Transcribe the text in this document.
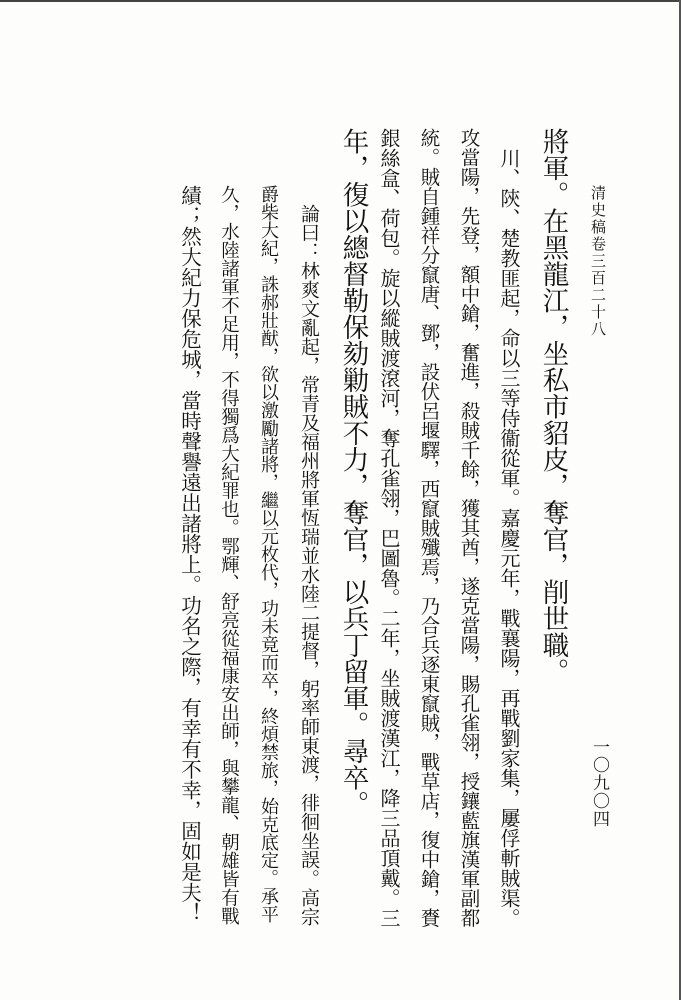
清史稿卷三百二十八
一〇九〇四
將軍。在黑龍江，坐私市貂皮，奪官，削世職。
　川、陝、楚教匪起，命以三等侍衞從軍。嘉慶元年，戰襄陽，再戰劉家集，屢俘斬賊渠。
攻當陽，先登，額中鎗，奮進，殺賊千餘，獲其酋，遂克當陽，賜孔雀翎，授鑲藍旗漢軍副都
統。賊自鍾祥分竄唐、鄧，設伏呂堰驛，西竄賊殲焉，乃合兵逐東竄賊，戰草店，復中鎗，賚
銀絲盒、荷包。旋以縱賊渡滾河，奪孔雀翎，巴圖魯。二年，坐賊渡漢江，降三品頂戴。三
年，復以總督勒保劾勦賊不力，奪官，以兵丁留軍。尋卒。
　論曰：林爽文亂起，常青及福州將軍恆瑞並水陸二提督，躬率師東渡，徘徊坐誤。高宗
爵柴大紀，誅郝壯猷，欲以激勵諸將，繼以元枚代，功未竟而卒，終煩禁旅，始克底定。承平
久，水陸諸軍不足用，不得獨爲大紀罪也。鄂輝、舒亮從福康安出師，與攀龍、朝雄皆有戰
績；然大紀力保危城，當時聲譽遠出諸將上。功名之際，有幸有不幸，固如是夫！
